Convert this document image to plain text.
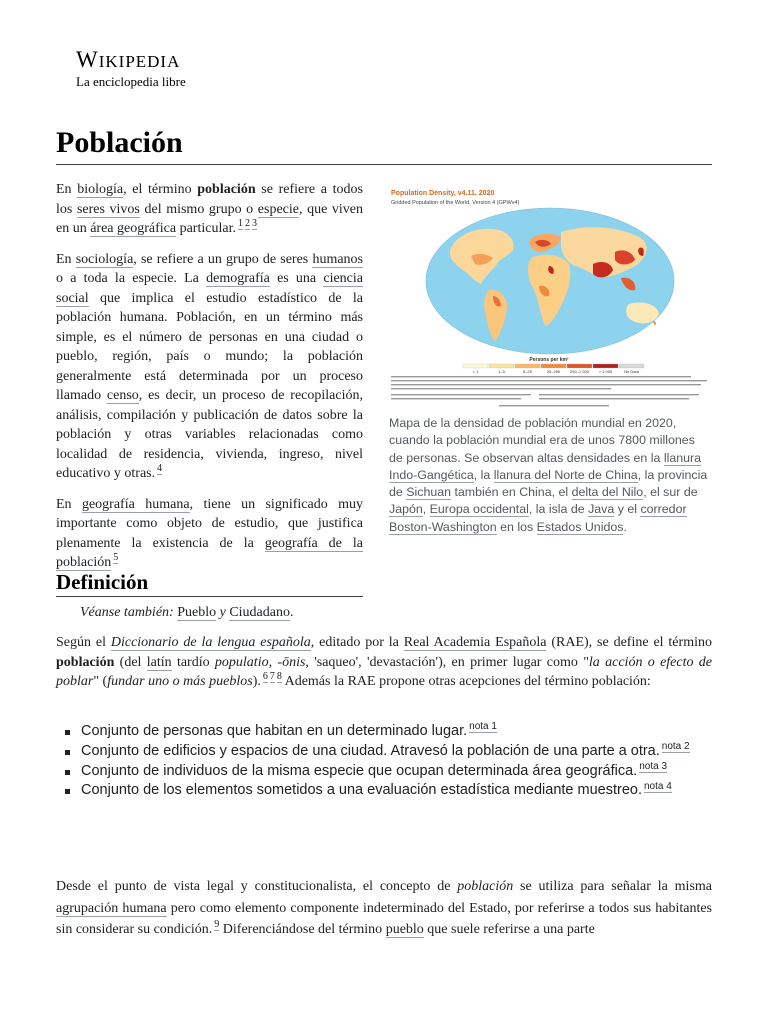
WIKIPEDIA
La enciclopedia libre
Población

En biología, el término población se refiere a todos los seres vivos del mismo grupo o especie, que viven en un área geográfica particular. $^1$ $^2$ $^3$

En sociología, se refiere a un grupo de seres humanos o a toda la especie. La demografía es una ciencia social que implica el estudio estadístico de la población humana. Población, en un término más simple, es el número de personas en una ciudad o pueblo, región, país o mundo; la población generalmente está determinada por un proceso llamado censo, es decir, un proceso de recopilación, análisis, compilación y publicación de datos sobre la población y otras variables relacionadas como localidad de residencia, vivienda, ingreso, nivel educativo y otras. $^4$

En geografía humana, tiene un significado muy importante como objeto de estudio, que justifica plenamente la existencia de la geografía de la población $^5$

Population Density, v4.11, 2020
Gridded Population of the World, Version 4 (GPWv4)
Persons per km²
< 1	1–5	5–25	25–250 250–1 000 > 1 000	No Data
Mapa de la densidad de población mundial en 2020, cuando la población mundial era de unos 7800 millones de personas. Se observan altas densidades en la llanura Indo-Gangética, la llanura del Norte de China, la provincia de Sichuan también en China, el delta del Nilo, el sur de Japón, Europa occidental, la isla de Java y el corredor Boston-Washington en los Estados Unidos.
Definición
Véanse también: Pueblo y Ciudadano.

Según el Diccionario de la lengua española, editado por la Real Academia Española (RAE), se define el término población (del latín tardío populatio, -ōnis, 'saqueo', 'devastación'), en primer lugar como "la acción o efecto de poblar" (fundar uno o más pueblos). $^6$ $^7$ $^8$ Además la RAE propone otras acepciones del término población:

Conjunto de personas que habitan en un determinado lugar. $^{nota 1}$
Conjunto de edificios y espacios de una ciudad. Atravesó la población de una parte a otra. $^{nota 2}$
Conjunto de individuos de la misma especie que ocupan determinada área geográfica. $^{nota 3}$
Conjunto de los elementos sometidos a una evaluación estadística mediante muestreo. $^{nota 4}$

Desde el punto de vista legal y constitucionalista, el concepto de población se utiliza para señalar la misma agrupación humana pero como elemento componente indeterminado del Estado, por referirse a todos sus habitantes sin considerar su condición. $^9$ Diferenciándose del término pueblo que suele referirse a una parte
